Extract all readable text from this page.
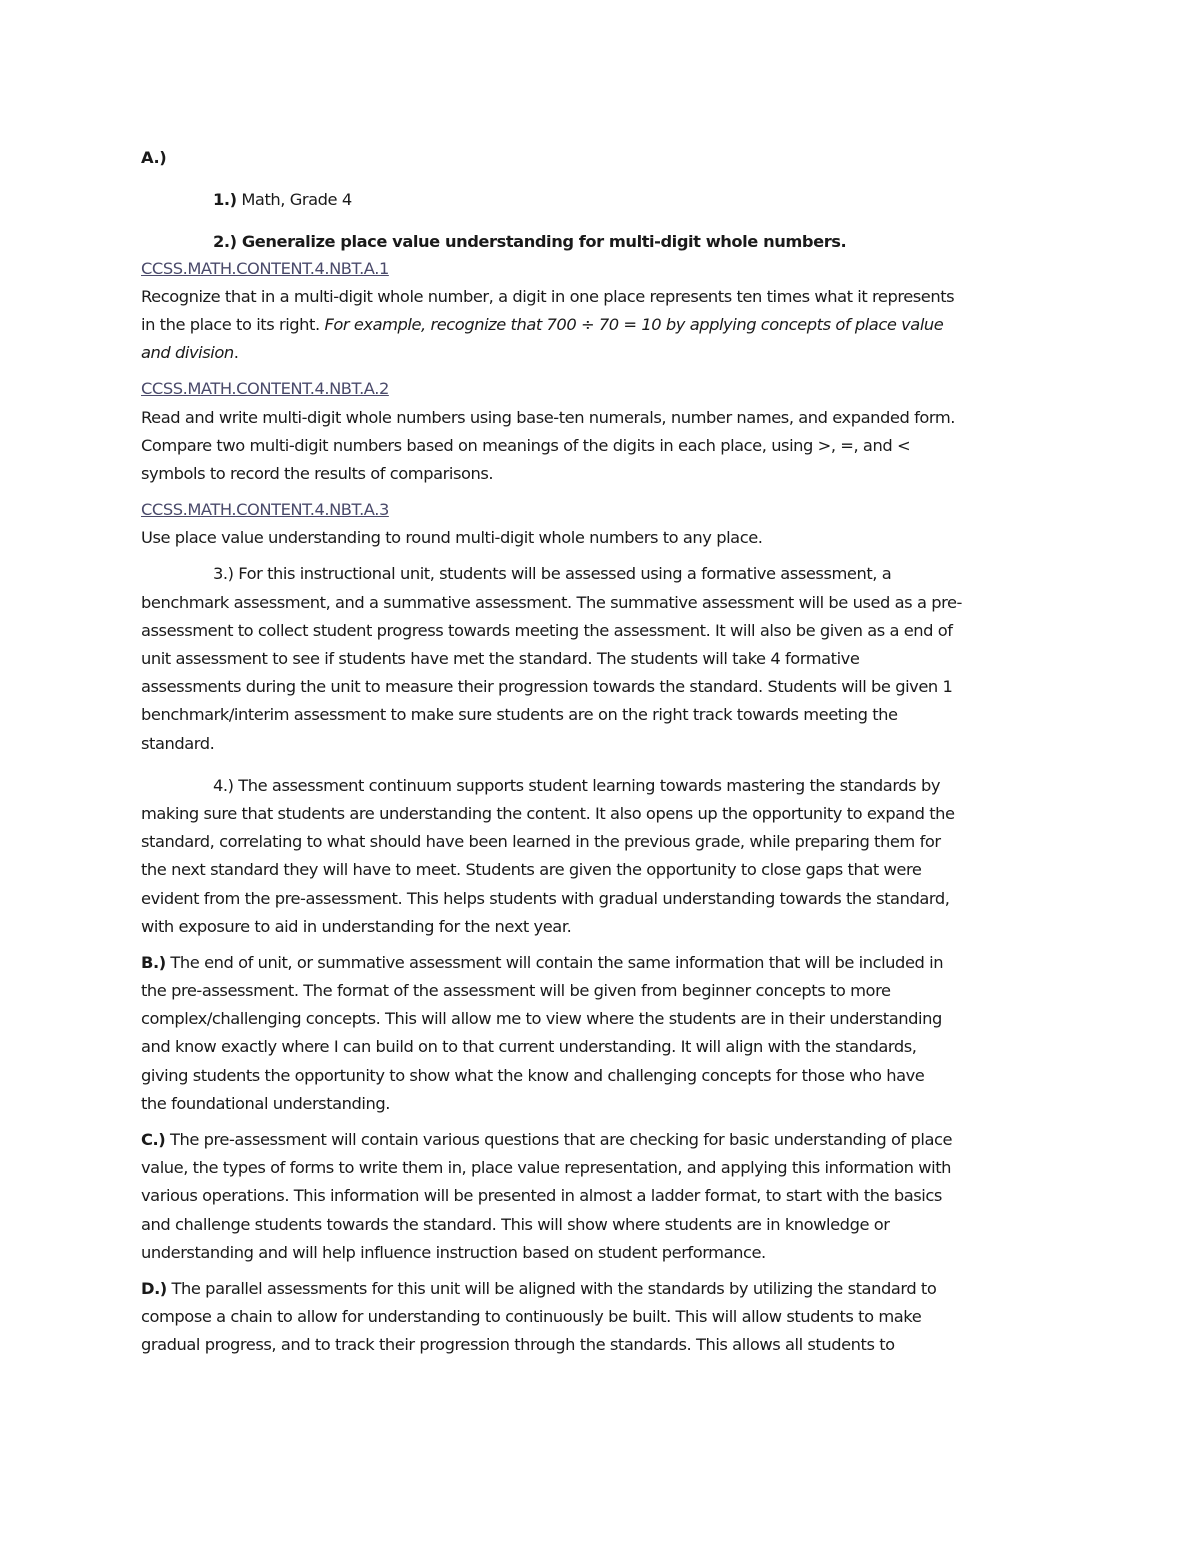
A.)
1.) Math, Grade 4
2.) Generalize place value understanding for multi-digit whole numbers.
CCSS.MATH.CONTENT.4.NBT.A.1
Recognize that in a multi-digit whole number, a digit in one place represents ten times what it represents
in the place to its right. For example, recognize that 700 ÷ 70 = 10 by applying concepts of place value
and division.
CCSS.MATH.CONTENT.4.NBT.A.2
Read and write multi-digit whole numbers using base-ten numerals, number names, and expanded form.
Compare two multi-digit numbers based on meanings of the digits in each place, using >, =, and <
symbols to record the results of comparisons.
CCSS.MATH.CONTENT.4.NBT.A.3
Use place value understanding to round multi-digit whole numbers to any place.
3.) For this instructional unit, students will be assessed using a formative assessment, a
benchmark assessment, and a summative assessment. The summative assessment will be used as a pre-
assessment to collect student progress towards meeting the assessment. It will also be given as a end of
unit assessment to see if students have met the standard. The students will take 4 formative
assessments during the unit to measure their progression towards the standard. Students will be given 1
benchmark/interim assessment to make sure students are on the right track towards meeting the
standard.
4.) The assessment continuum supports student learning towards mastering the standards by
making sure that students are understanding the content. It also opens up the opportunity to expand the
standard, correlating to what should have been learned in the previous grade, while preparing them for
the next standard they will have to meet. Students are given the opportunity to close gaps that were
evident from the pre-assessment. This helps students with gradual understanding towards the standard,
with exposure to aid in understanding for the next year.
B.) The end of unit, or summative assessment will contain the same information that will be included in
the pre-assessment. The format of the assessment will be given from beginner concepts to more
complex/challenging concepts. This will allow me to view where the students are in their understanding
and know exactly where I can build on to that current understanding. It will align with the standards,
giving students the opportunity to show what the know and challenging concepts for those who have
the foundational understanding.
C.) The pre-assessment will contain various questions that are checking for basic understanding of place
value, the types of forms to write them in, place value representation, and applying this information with
various operations. This information will be presented in almost a ladder format, to start with the basics
and challenge students towards the standard. This will show where students are in knowledge or
understanding and will help influence instruction based on student performance.
D.) The parallel assessments for this unit will be aligned with the standards by utilizing the standard to
compose a chain to allow for understanding to continuously be built. This will allow students to make
gradual progress, and to track their progression through the standards. This allows all students to
